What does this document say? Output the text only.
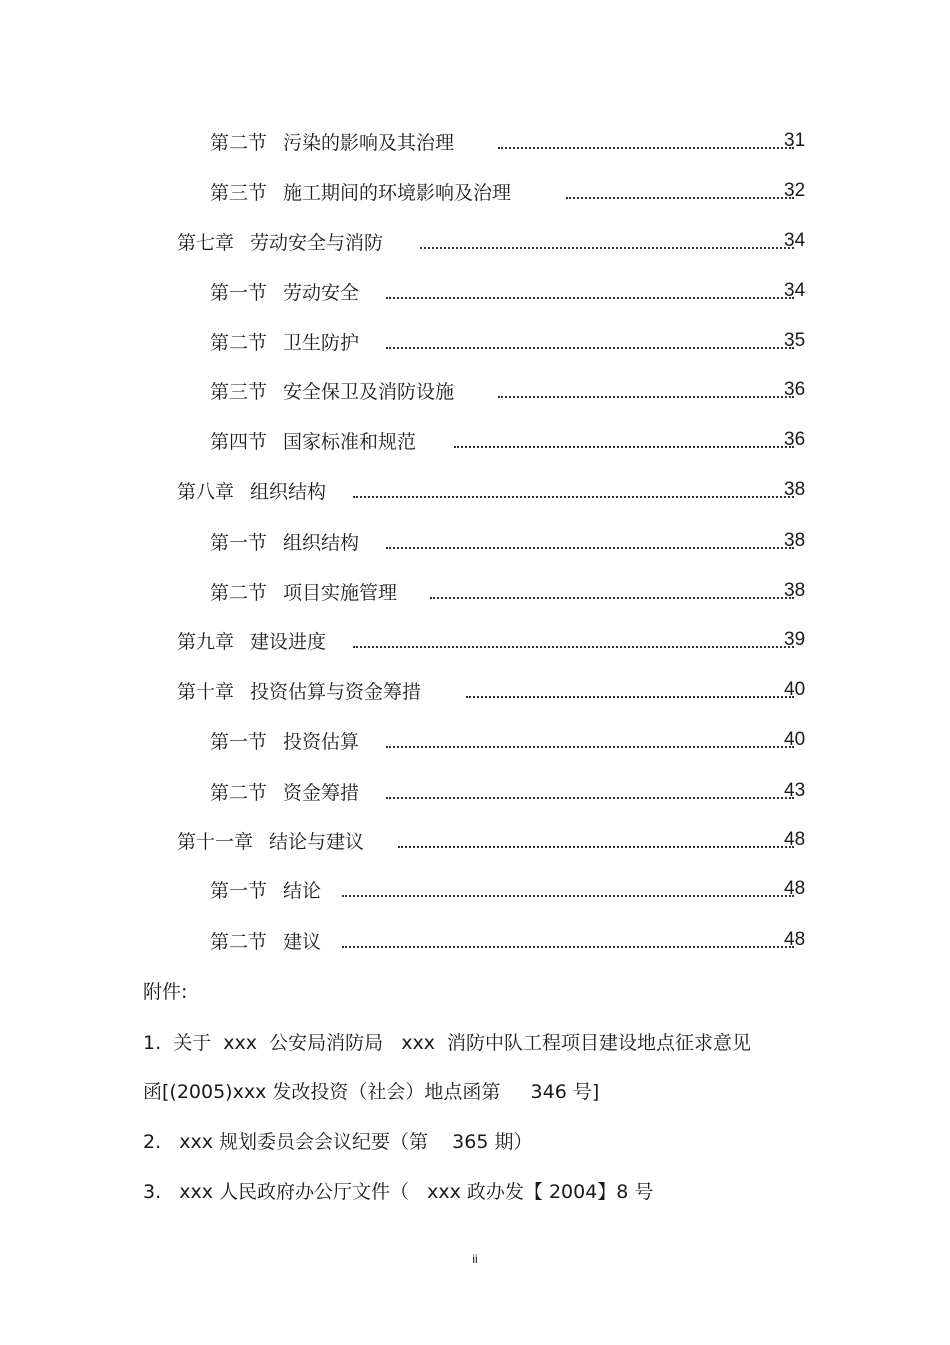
第二节 污染的影响及其治理	31
第三节 施工期间的环境影响及治理	32
第七章 劳动安全与消防	34
第一节 劳动安全	34
第二节 卫生防护	35
第三节 安全保卫及消防设施	36
第四节 国家标准和规范	36
第八章 组织结构	38
第一节 组织结构	38
第二节 项目实施管理	38
第九章 建设进度	39
第十章 投资估算与资金筹措	40
第一节 投资估算	40
第二节 资金筹措	43
第十一章 结论与建议	48
第一节 结论	48
第二节 建议	48
附件:
1.  关于  xxx  公安局消防局   xxx  消防中队工程项目建设地点征求意见
函[(2005)xxx 发改投资（社会）地点函第     346 号]
2.   xxx 规划委员会会议纪要（第    365 期）
3.   xxx 人民政府办公厅文件（   xxx 政办发【 2004】8 号
ii
